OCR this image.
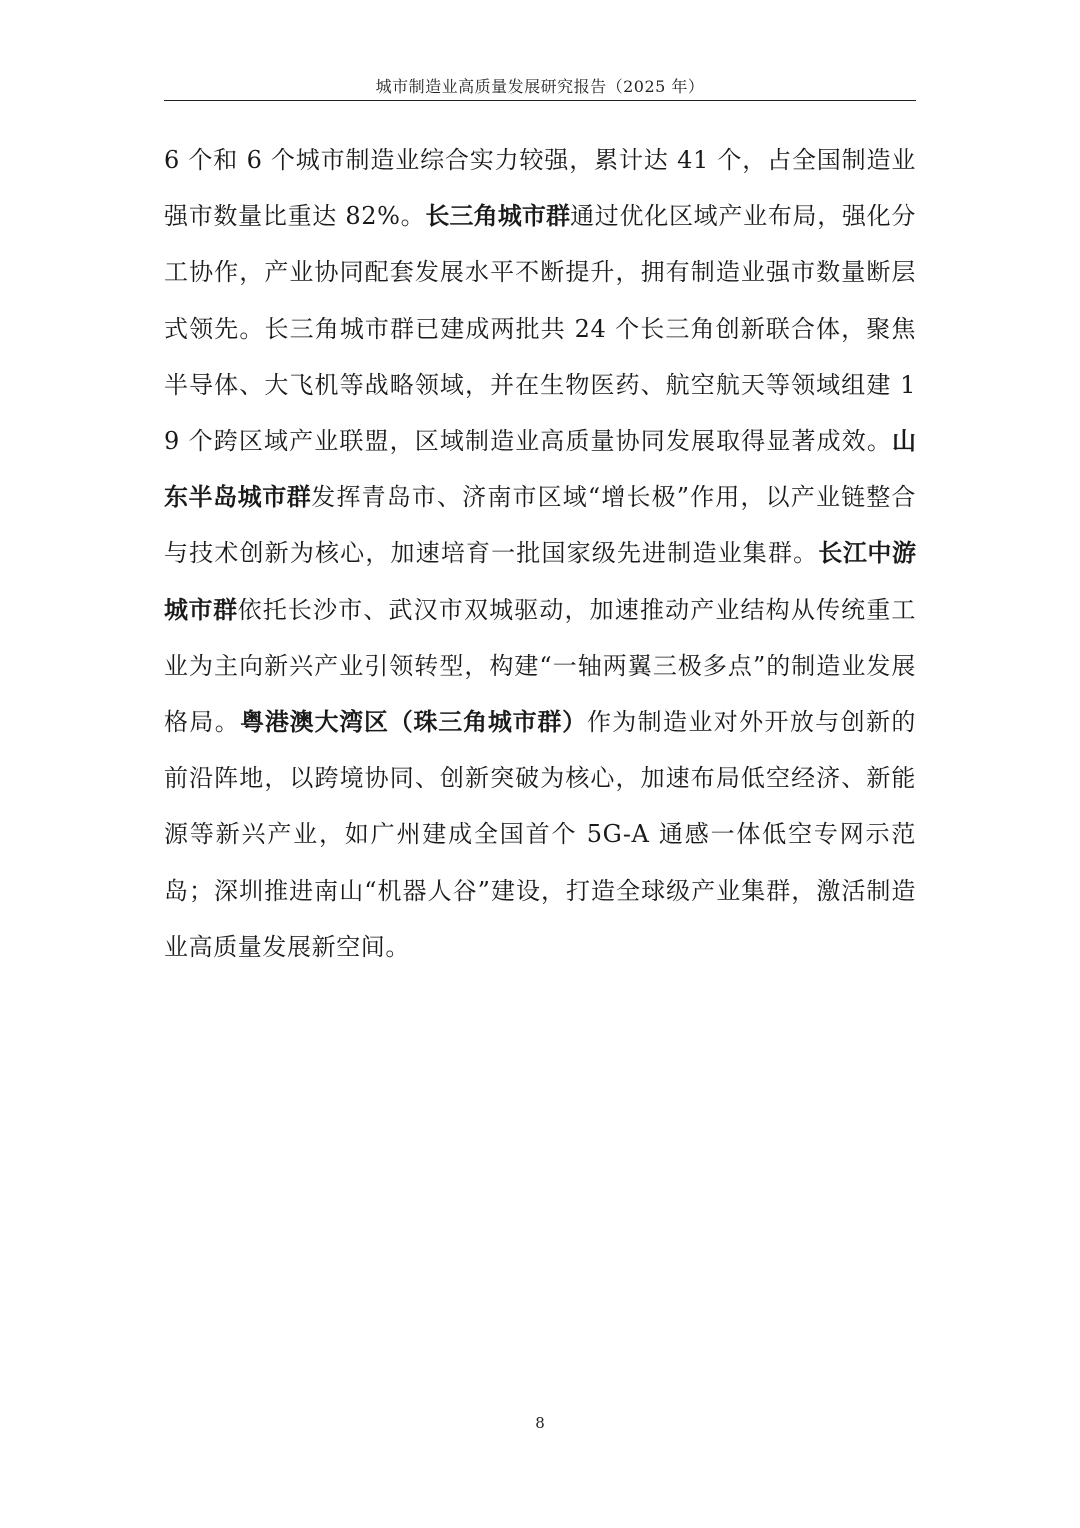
城市制造业高质量发展研究报告（2025 年）

6 个和 6 个城市制造业综合实力较强，累计达 41 个，占全国制造业强市数量比重达 82%。长三角城市群通过优化区域产业布局，强化分工协作，产业协同配套发展水平不断提升，拥有制造业强市数量断层式领先。长三角城市群已建成两批共 24 个长三角创新联合体，聚焦半导体、大飞机等战略领域，并在生物医药、航空航天等领域组建 19 个跨区域产业联盟，区域制造业高质量协同发展取得显著成效。山东半岛城市群发挥青岛市、济南市区域“增长极”作用，以产业链整合与技术创新为核心，加速培育一批国家级先进制造业集群。长江中游城市群依托长沙市、武汉市双城驱动，加速推动产业结构从传统重工业为主向新兴产业引领转型，构建“一轴两翼三极多点”的制造业发展格局。粤港澳大湾区（珠三角城市群）作为制造业对外开放与创新的前沿阵地，以跨境协同、创新突破为核心，加速布局低空经济、新能源等新兴产业，如广州建成全国首个 5G-A 通感一体低空专网示范岛；深圳推进南山“机器人谷”建设，打造全球级产业集群，激活制造业高质量发展新空间。

8
